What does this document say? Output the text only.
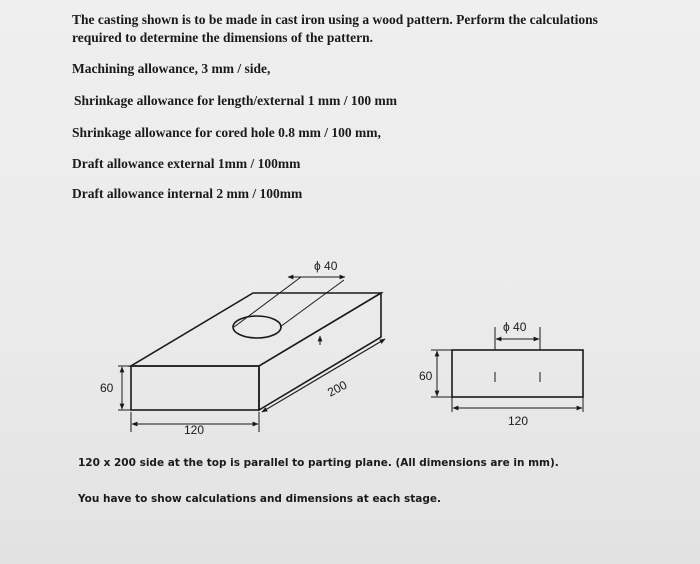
The casting shown is to be made in cast iron using a wood pattern. Perform the calculations
required to determine the dimensions of the pattern.
Machining allowance, 3 mm / side,
Shrinkage allowance for length/external 1 mm / 100 mm
Shrinkage allowance for cored hole 0.8 mm / 100 mm,
Draft allowance external 1mm / 100mm
Draft allowance internal 2 mm / 100mm
ϕ 40
60
120
200
ϕ 40
60
120
120 x 200 side at the top is parallel to parting plane. (All dimensions are in mm).
You have to show calculations and dimensions at each stage.
